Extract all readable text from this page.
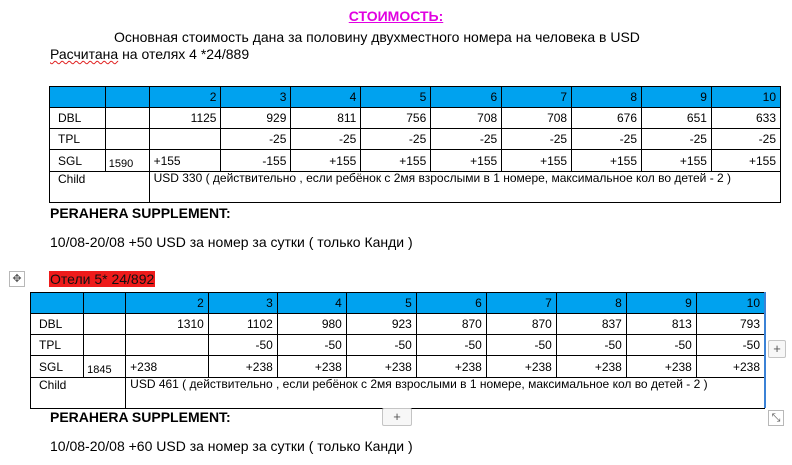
СТОИМОСТЬ:
Основная стоимость дана за половину двухместного номера на человека в USD
Расчитана на отелях 4 *24/889
		2	3	4	5	6	7	8	9	10
DBL		1125	929	811	756	708	708	676	651	633
TPL			-25	-25	-25	-25	-25	-25	-25	-25
SGL	1590	+155	-155	+155	+155	+155	+155	+155	+155	+155
Child		USD 330 ( действительно , если ребёнок с 2мя взрослыми в 1 номере, максимальное кол во детей - 2 )								
PERAHERA SUPPLEMENT:
10/08-20/08 +50 USD за номер за сутки ( только Канди )
✥ Отели 5* 24/892
		2	3	4	5	6	7	8	9	10
DBL		1310	1102	980	923	870	870	837	813	793
TPL			-50	-50	-50	-50	-50	-50	-50	-50
SGL	1845	+238	+238	+238	+238	+238	+238	+238	+238	+238
Child		USD 461 ( действительно , если ребёнок с 2мя взрослыми в 1 номере, максимальное кол во детей - 2 )								
+
+	⤡
PERAHERA SUPPLEMENT:
10/08-20/08 +60 USD за номер за сутки ( только Канди )
